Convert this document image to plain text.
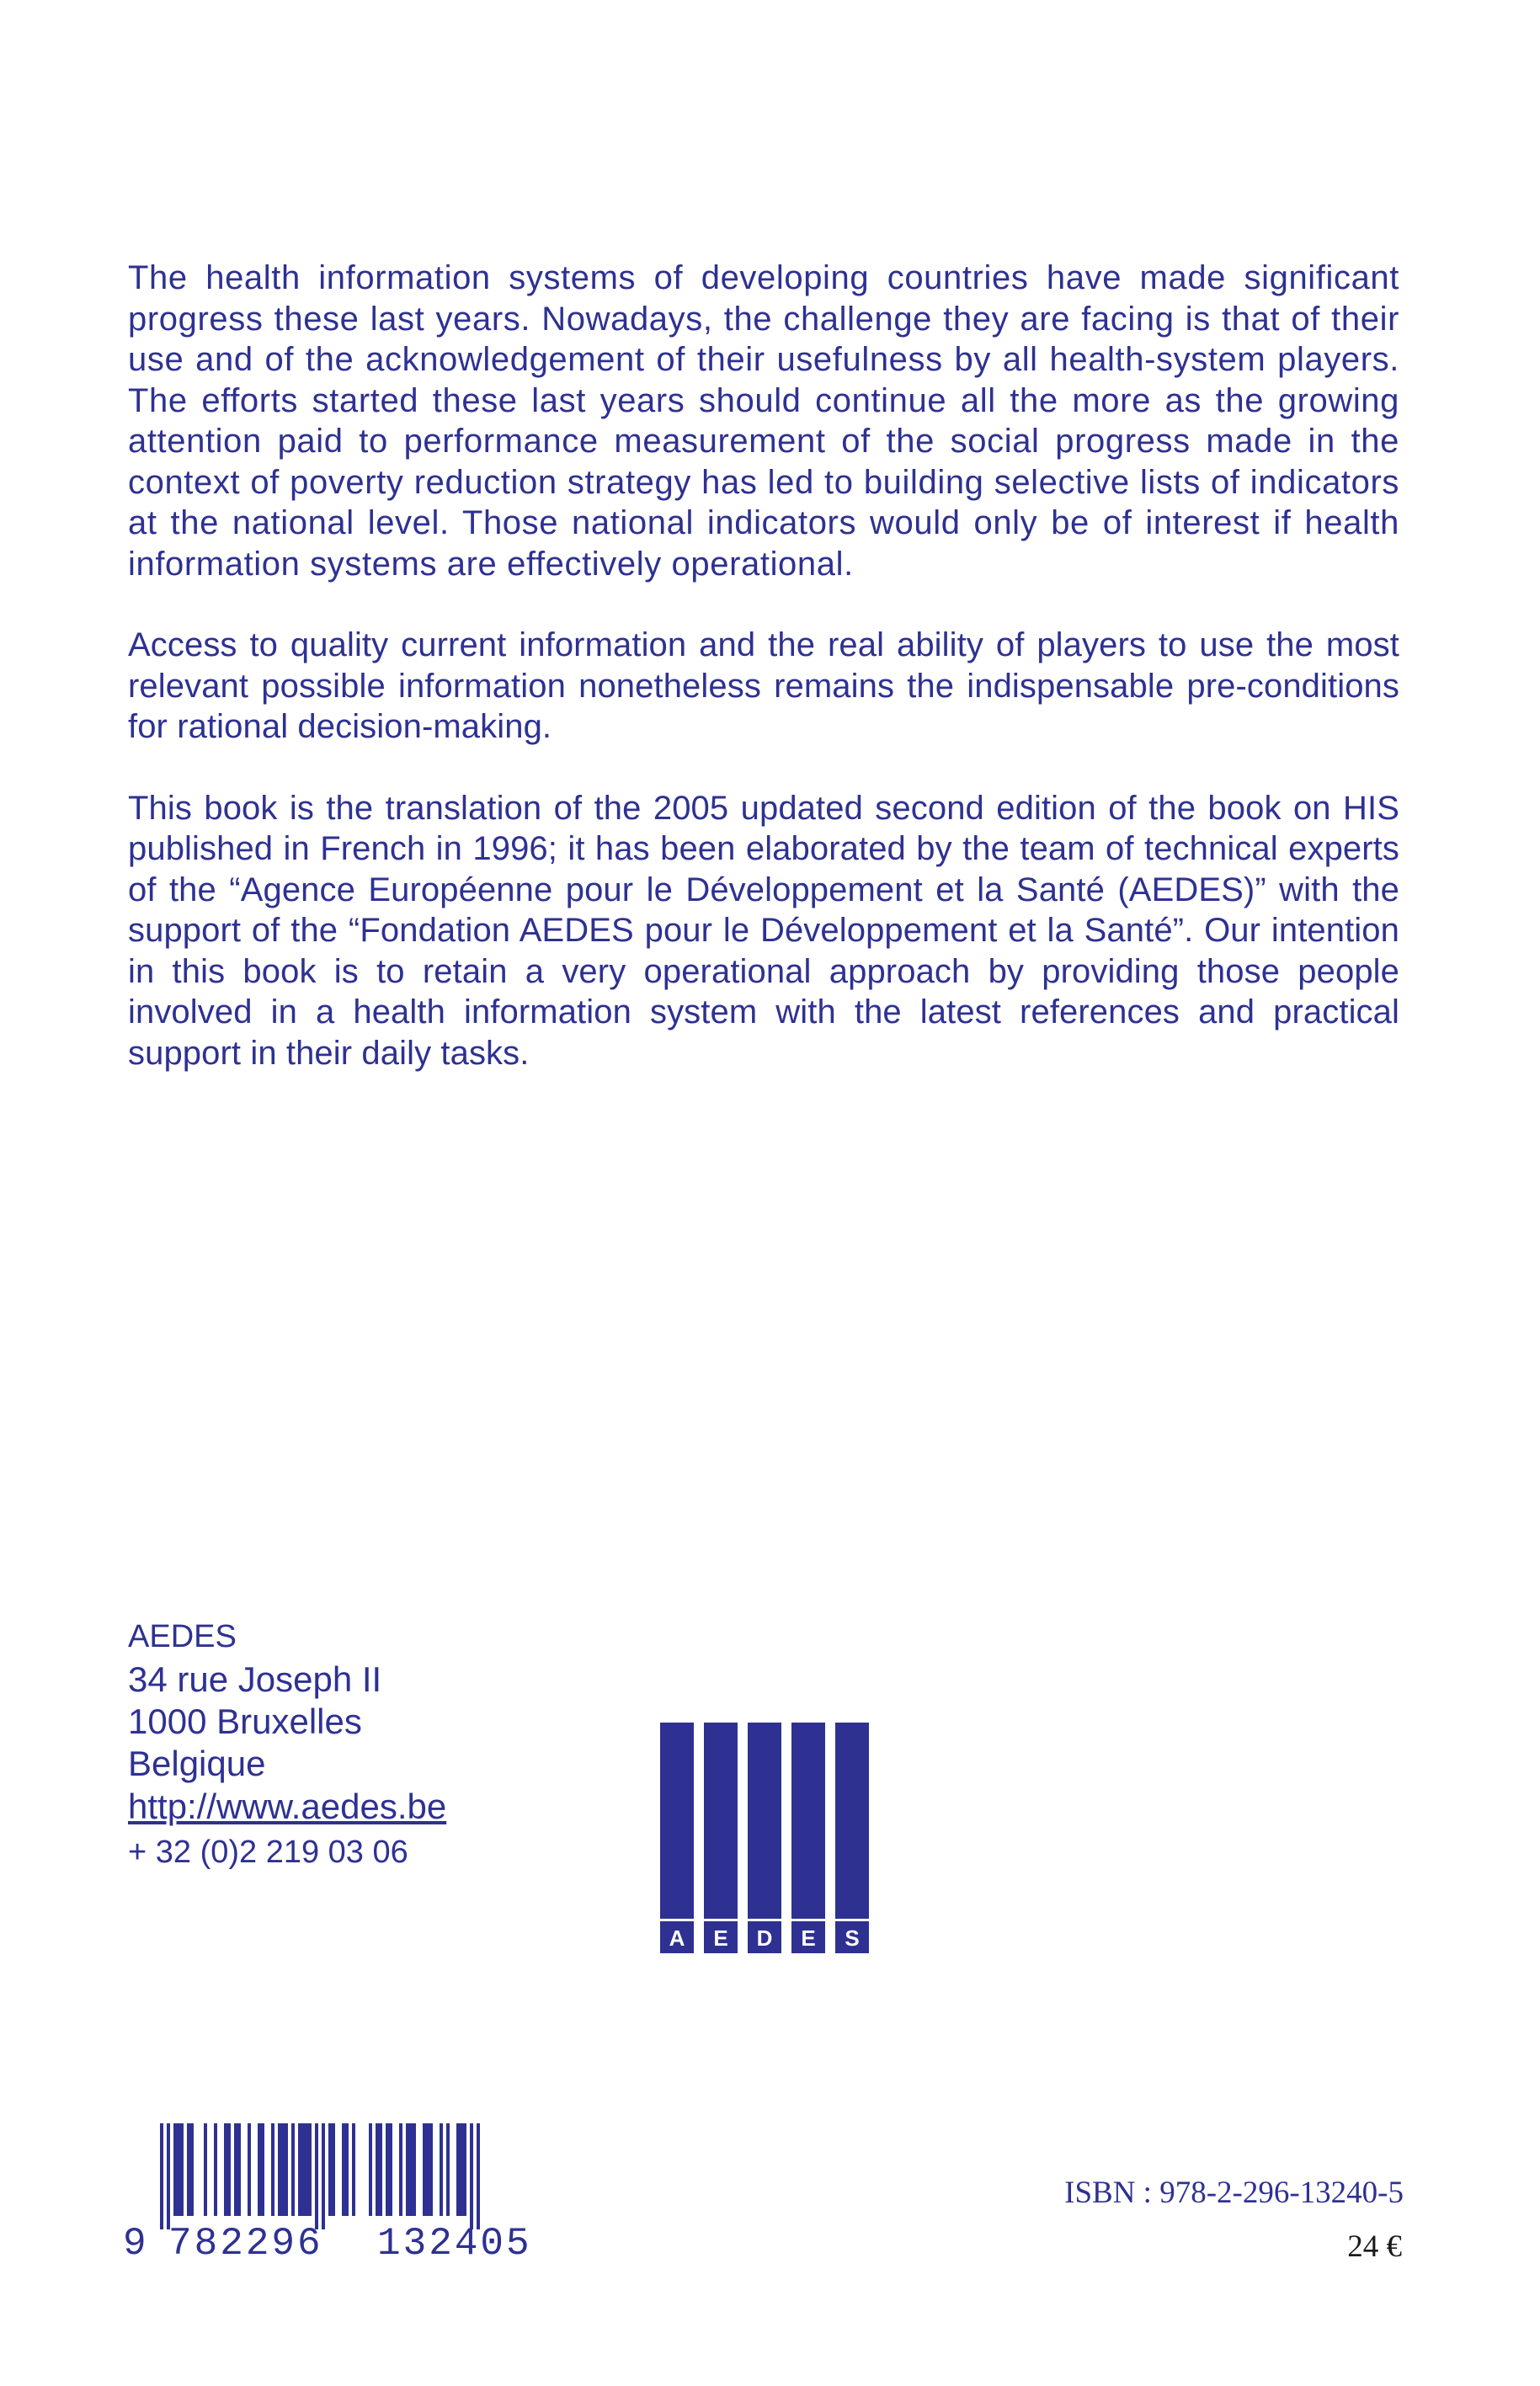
The health information systems of developing countries have made significant progress these last years. Nowadays, the challenge they are facing is that of their use and of the acknowledgement of their usefulness by all health-system players. The efforts started these last years should continue all the more as the growing attention paid to performance measurement of the social progress made in the context of poverty reduction strategy has led to building selective lists of indicators at the national level. Those national indicators would only be of interest if health information systems are effectively operational.

Access to quality current information and the real ability of players to use the most relevant possible information nonetheless remains the indispensable pre-conditions for rational decision-making.

This book is the translation of the 2005 updated second edition of the book on HIS published in French in 1996; it has been elaborated by the team of technical experts of the “Agence Européenne pour le Développement et la Santé (AEDES)” with the support of the “Fondation AEDES pour le Développement et la Santé”. Our intention in this book is to retain a very operational approach by providing those people involved in a health information system with the latest references and practical support in their daily tasks.

AEDES
34 rue Joseph II
1000 Bruxelles
Belgique
http://www.aedes.be
+ 32 (0)2 219 03 06
A E D E S
9 782296 132405
ISBN : 978-2-296-13240-5
24 €
